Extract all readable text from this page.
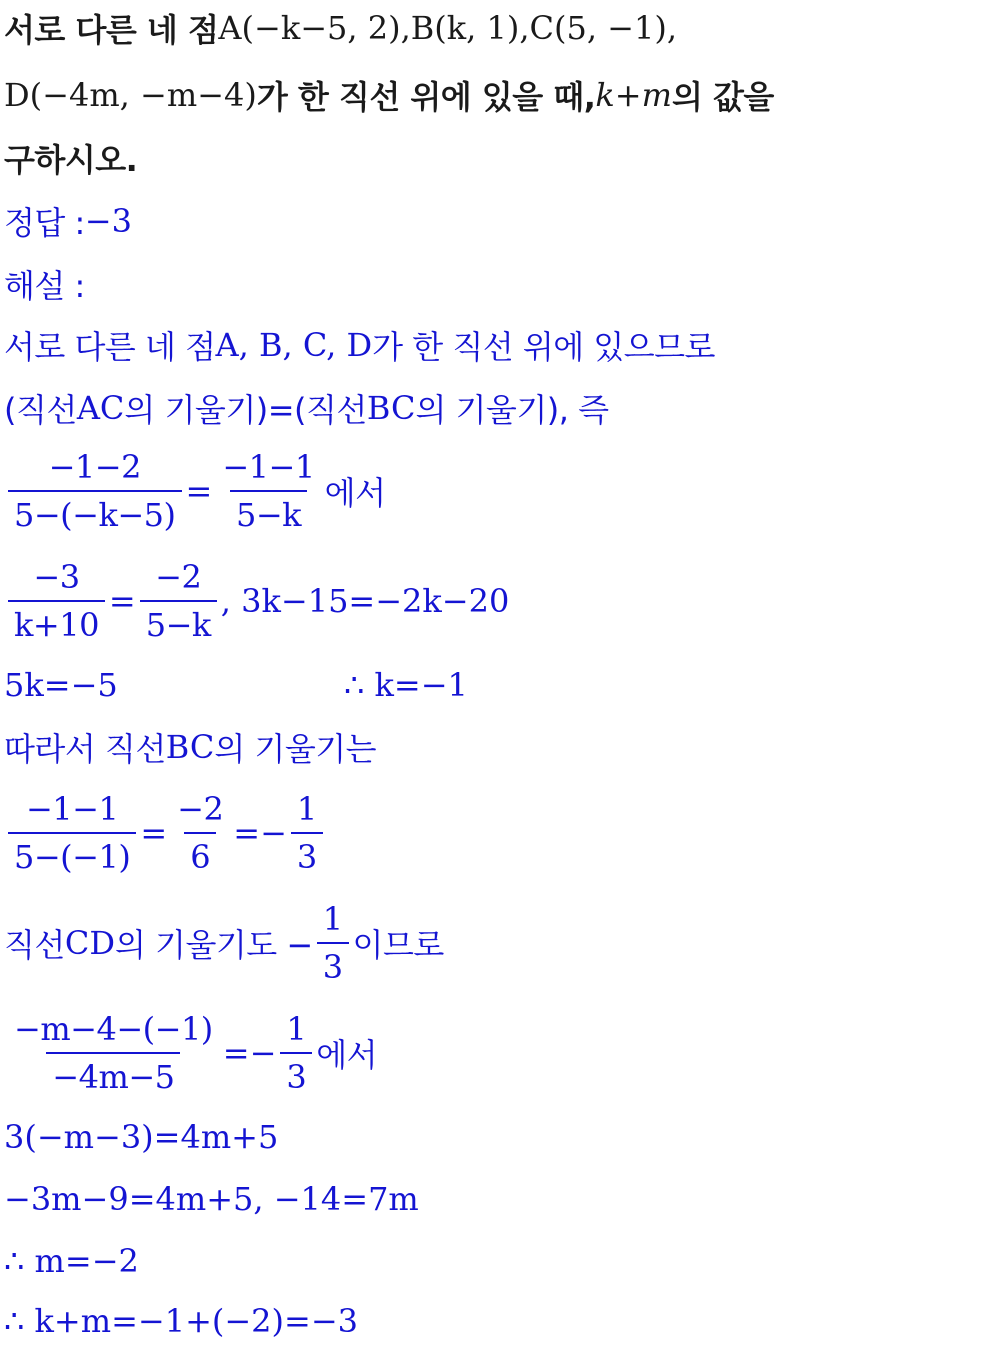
서로 다른 네 점 A(−k−5, 2), B(k, 1), C(5, −1),
D(−4m, −m−4) 가 한 직선 위에 있을 때, k+m 의 값을
구하시오.
정답 : −3
해설 :
서로 다른 네 점 A, B, C, D 가 한 직선 위에 있으므로
(직선 AC 의 기울기)=(직선 BC 의 기울기), 즉
$\frac{-1-2}{5-(-k-5)} = \frac{-1-1}{5-k}$ 에서
$\frac{-3}{k+10} = \frac{-2}{5-k}$ , 3k−15=−2k−20
5k=−5	∴ k=−1
따라서 직선 BC 의 기울기는
$\frac{-1-1}{5-(-1)} = \frac{-2}{6} =- \frac{1}{3}$
직선 CD 의 기울기도 − $\frac{1}{3}$ 이므로
$\frac{-m-4-(-1)}{-4m-5} =- \frac{1}{3}$ 에서
3(−m−3)=4m+5
−3m−9=4m+5, −14=7m
∴ m=−2
∴ k+m=−1+(−2)=−3
